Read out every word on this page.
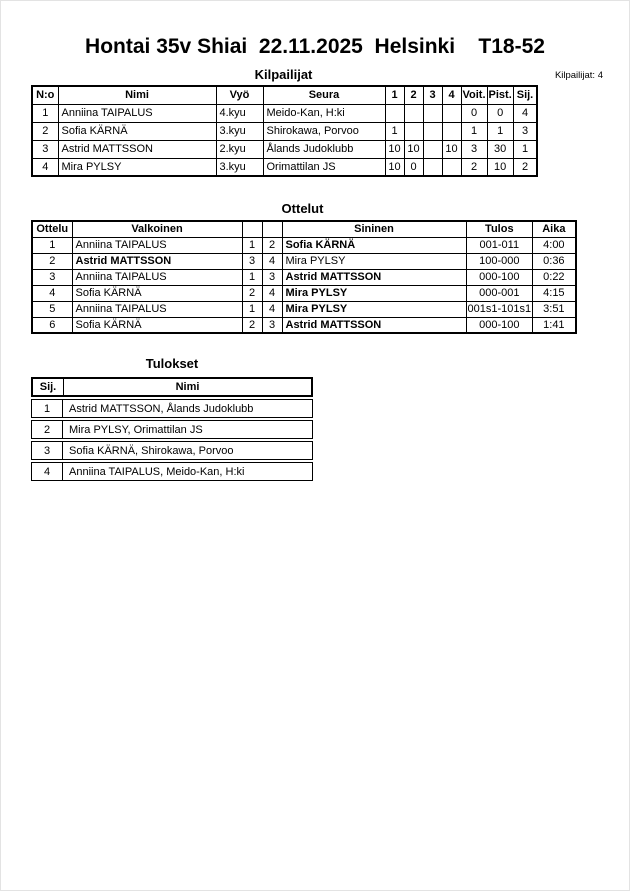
Hontai 35v Shiai  22.11.2025  Helsinki    T18-52
Kilpailijat	Kilpailijat: 4
N:o	Nimi	Vyö	Seura	1	2	3	4	Voit.	Pist.	Sij.
1	Anniina TAIPALUS	4.kyu	Meido-Kan, H:ki					0	0	4
2	Sofia KÄRNÄ	3.kyu	Shirokawa, Porvoo	1				1	1	3
3	Astrid MATTSSON	2.kyu	Ålands Judoklubb	10	10		10	3	30	1
4	Mira PYLSY	3.kyu	Orimattilan JS	10	0			2	10	2
Ottelut
Ottelu	Valkoinen			Sininen	Tulos	Aika
1	Anniina TAIPALUS	1	2	Sofia KÄRNÄ	001-011	4:00
2	Astrid MATTSSON	3	4	Mira PYLSY	100-000	0:36
3	Anniina TAIPALUS	1	3	Astrid MATTSSON	000-100	0:22
4	Sofia KÄRNÄ	2	4	Mira PYLSY	000-001	4:15
5	Anniina TAIPALUS	1	4	Mira PYLSY	001s1-101s1	3:51
6	Sofia KÄRNÄ	2	3	Astrid MATTSSON	000-100	1:41
Tulokset
Sij.	Nimi
1	Astrid MATTSSON, Ålands Judoklubb
2	Mira PYLSY, Orimattilan JS
3	Sofia KÄRNÄ, Shirokawa, Porvoo
4	Anniina TAIPALUS, Meido-Kan, H:ki
